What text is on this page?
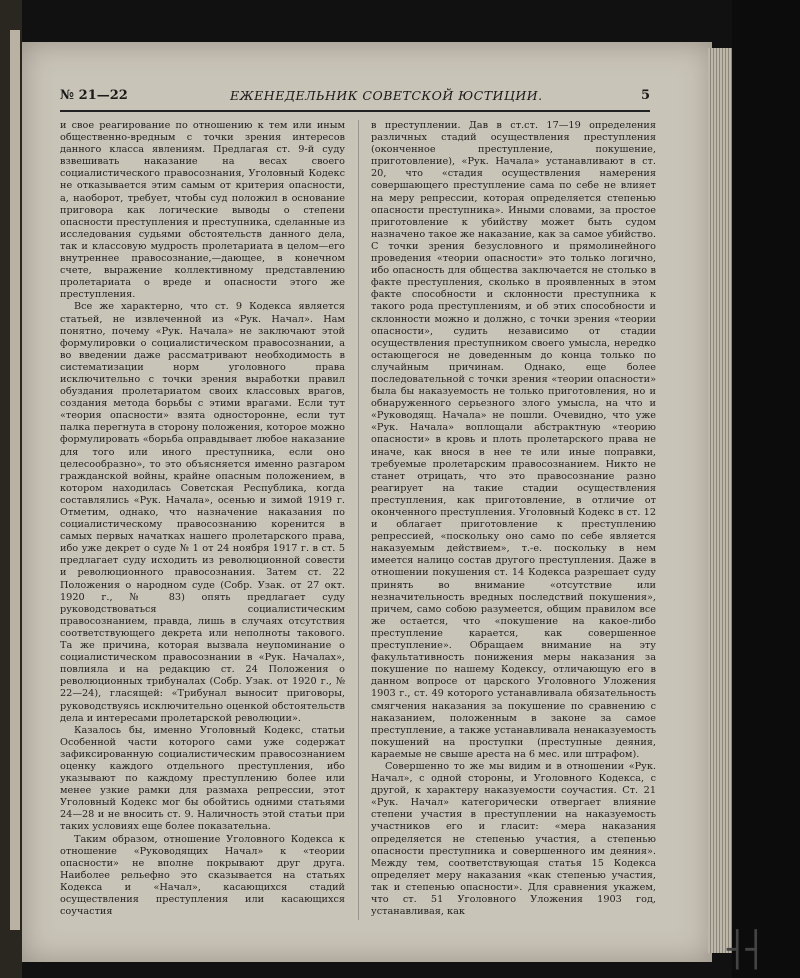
┤┤
№ 21—22	ЕЖЕНЕДЕЛЬНИК СОВЕТСКОЙ ЮСТИЦИИ.	5

и свое реагирование по отношению к тем или иным общественно-вредным с точки зрения интересов данного класса явлениям. Предлагая ст. 9-й суду взвешивать наказание на весах своего социалистического правосознания, Уголовный Кодекс не отказывается этим самым от критерия опасности, а, наоборот, требует, чтобы суд положил в основание приговора как логические выводы о степени опасности преступления и преступника, сделанные из исследования судьями обстоятельств данного дела, так и классовую мудрость пролетариата в целом—его внутреннее правосознание,—дающее, в конечном счете, выражение коллективному представлению пролетариата о вреде и опасности этого же преступления.

Все же характерно, что ст. 9 Кодекса является статьей, не извлеченной из «Рук. Начал». Нам понятно, почему «Рук. Начала» не заключают этой формулировки о социалистическом правосознании, а во введении даже рассматривают необходимость в систематизации норм уголовного права исключительно с точки зрения выработки правил обуздания пролетариатом своих классовых врагов, создания метода борьбы с этими врагами. Если тут «теория опасности» взята односторонне, если тут палка перегнута в сторону положения, которое можно формулировать «борьба оправдывает любое наказание для того или иного преступника, если оно целесообразно», то это объясняется именно разгаром гражданской войны, крайне опасным положением, в котором находилась Советская Республика, когда составлялись «Рук. Начала», осенью и зимой 1919 г. Отметим, однако, что назначение наказания по социалистическому правосознанию коренится в самых первых начатках нашего пролетарского права, ибо уже декрет о суде № 1 от 24 ноября 1917 г. в ст. 5 предлагает суду исходить из революционной совести и революционного правосознания. Затем ст. 22 Положения о народном суде (Собр. Узак. от 27 окт. 1920 г., № 83) опять предлагает суду руководствоваться социалистическим правосознанием, правда, лишь в случаях отсутствия соответствующего декрета или неполноты такового. Та же причина, которая вызвала неупоминание о социалистическом правосознании в «Рук. Началах», повлияла и на редакцию ст. 24 Положения о революционных трибуналах (Собр. Узак. от 1920 г., № 22—24), гласящей: «Трибунал выносит приговоры, руководствуясь исключительно оценкой обстоятельств дела и интересами пролетарской революции».

Казалось бы, именно Уголовный Кодекс, статьи Особенной части которого сами уже содержат зафиксированную социалистическим правосознанием оценку каждого отдельного преступления, ибо указывают по каждому преступлению более или менее узкие рамки для размаха репрессии, этот Уголовный Кодекс мог бы обойтись одними статьями 24—28 и не вносить ст. 9. Наличность этой статьи при таких условиях еще более показательна.

Таким образом, отношение Уголовного Кодекса к отношение «Руководящих Начал» к «теории опасности» не вполне покрывают друг друга. Наиболее рельефно это сказывается на статьях Кодекса и «Начал», касающихся стадий осуществления преступления или касающихся соучастия

в преступлении. Дав в ст.ст. 17—19 определения различных стадий осуществления преступления (оконченное преступление, покушение, приготовление), «Рук. Начала» устанавливают в ст. 20, что «стадия осуществления намерения совершающего преступление сама по себе не влияет на меру репрессии, которая определяется степенью опасности преступника». Иными словами, за простое приготовление к убийству может быть судом назначено такое же наказание, как за самое убийство. С точки зрения безусловного и прямолинейного проведения «теории опасности» это только логично, ибо опасность для общества заключается не столько в факте преступления, сколько в проявленных в этом факте способности и склонности преступника к такого рода преступлениям, и об этих способности и склонности можно и должно, с точки зрения «теории опасности», судить независимо от стадии осуществления преступником своего умысла, нередко остающегося не доведенным до конца только по случайным причинам. Однако, еще более последовательной с точки зрения «теории опасности» была бы наказуемость не только приготовления, но и обнаруженного серьезного злого умысла, на что и «Руководящ. Начала» не пошли. Очевидно, что уже «Рук. Начала» воплощали абстрактную «теорию опасности» в кровь и плоть пролетарского права не иначе, как внося в нее те или иные поправки, требуемые пролетарским правосознанием. Никто не станет отрицать, что это правосознание разно реагирует на такие стадии осуществления преступления, как приготовление, в отличие от оконченного преступления. Уголовный Кодекс в ст. 12 и облагает приготовление к преступлению репрессией, «поскольку оно само по себе является наказуемым действием», т.-е. поскольку в нем имеется налицо состав другого преступления. Даже в отношении покушения ст. 14 Кодекса разрешает суду принять во внимание «отсутствие или незначительность вредных последствий покушения», причем, само собою разумеется, общим правилом все же остается, что «покушение на какое-либо преступление карается, как совершенное преступление». Обращаем внимание на эту факультативность понижения меры наказания за покушение по нашему Кодексу, отличающую его в данном вопросе от царского Уголовного Уложения 1903 г., ст. 49 которого устанавливала обязательность смягчения наказания за покушение по сравнению с наказанием, положенным в законе за самое преступление, а также устанавливала ненаказуемость покушений на проступки (преступные деяния, караемые не свыше ареста на 6 мес. или штрафом).

Совершенно то же мы видим и в отношении «Рук. Начал», с одной стороны, и Уголовного Кодекса, с другой, к характеру наказуемости соучастия. Ст. 21 «Рук. Начал» категорически отвергает влияние степени участия в преступлении на наказуемость участников его и гласит: «мера наказания определяется не степенью участия, а степенью опасности преступника и совершенного им деяния». Между тем, соответствующая статья 15 Кодекса определяет меру наказания «как степенью участия, так и степенью опасности». Для сравнения укажем, что ст. 51 Уголовного Уложения 1903 год, устанавливая, как
